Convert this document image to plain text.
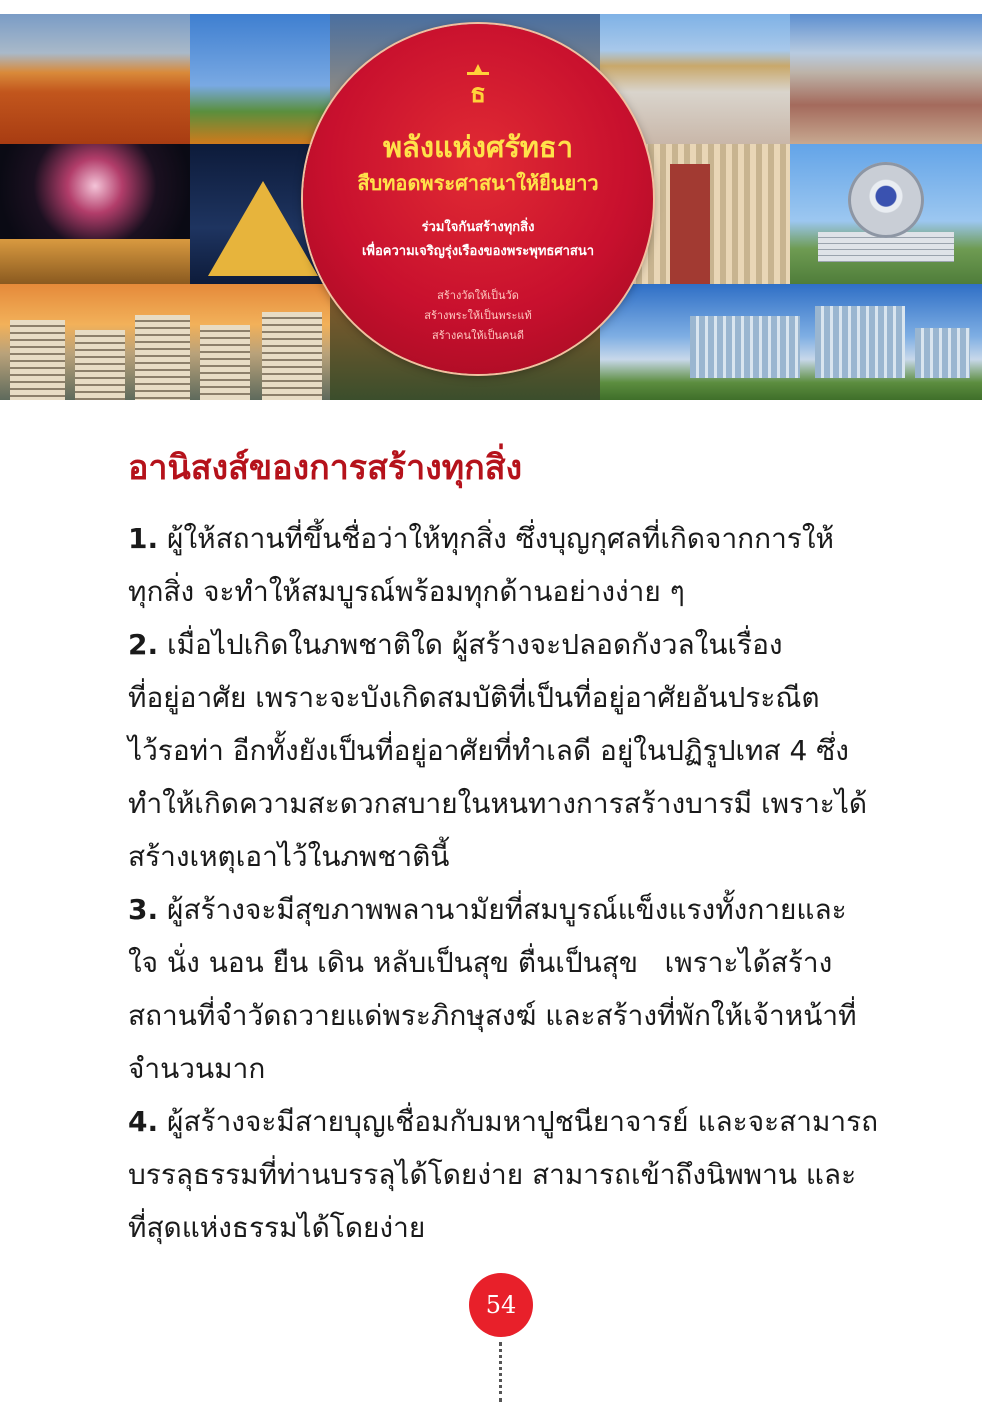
ธ
พลังแห่งศรัทธา
สืบทอดพระศาสนาให้ยืนยาว
ร่วมใจกันสร้างทุกสิ่ง
เพื่อความเจริญรุ่งเรืองของพระพุทธศาสนา
สร้างวัดให้เป็นวัด
สร้างพระให้เป็นพระแท้
สร้างคนให้เป็นคนดี
อานิสงส์ของการสร้างทุกสิ่ง
1. ผู้ให้สถานที่ขึ้นชื่อว่าให้ทุกสิ่ง ซึ่งบุญกุศลที่เกิดจากการให้
ทุกสิ่ง จะทำให้สมบูรณ์พร้อมทุกด้านอย่างง่าย ๆ
2. เมื่อไปเกิดในภพชาติใด ผู้สร้างจะปลอดกังวลในเรื่อง
ที่อยู่อาศัย เพราะจะบังเกิดสมบัติที่เป็นที่อยู่อาศัยอันประณีต
ไว้รอท่า อีกทั้งยังเป็นที่อยู่อาศัยที่ทำเลดี อยู่ในปฏิรูปเทส 4 ซึ่ง
ทำให้เกิดความสะดวกสบายในหนทางการสร้างบารมี เพราะได้
สร้างเหตุเอาไว้ในภพชาตินี้
3. ผู้สร้างจะมีสุขภาพพลานามัยที่สมบูรณ์แข็งแรงทั้งกายและ
ใจ นั่ง นอน ยืน เดิน หลับเป็นสุข ตื่นเป็นสุข   เพราะได้สร้าง
สถานที่จำวัดถวายแด่พระภิกษุสงฆ์ และสร้างที่พักให้เจ้าหน้าที่
จำนวนมาก
4. ผู้สร้างจะมีสายบุญเชื่อมกับมหาปูชนียาจารย์ และจะสามารถ
บรรลุธรรมที่ท่านบรรลุได้โดยง่าย สามารถเข้าถึงนิพพาน และ
ที่สุดแห่งธรรมได้โดยง่าย
54
